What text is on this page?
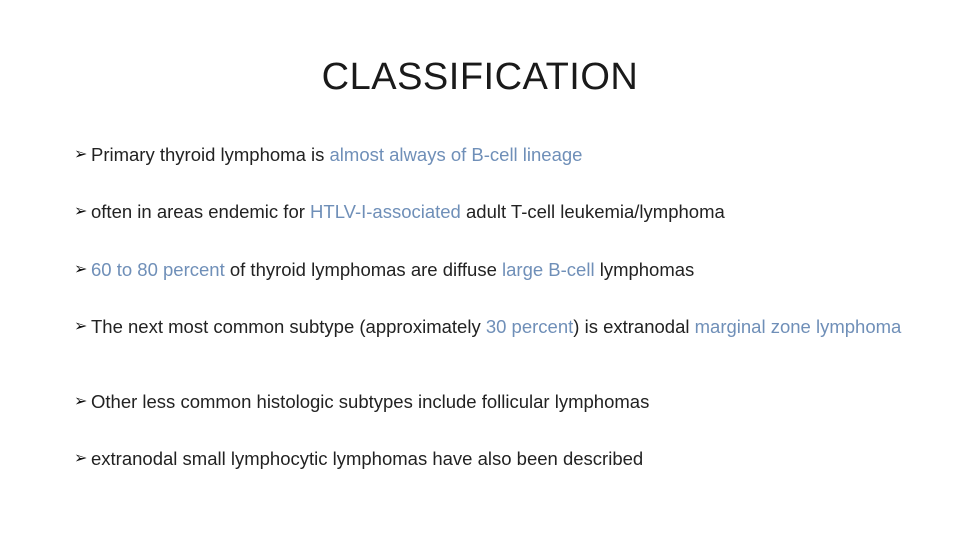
CLASSIFICATION
➢ Primary thyroid lymphoma is almost always of B-cell lineage
➢ often in areas endemic for HTLV-I-associated adult T-cell leukemia/lymphoma
➢ 60 to 80 percent of thyroid lymphomas are diffuse large B-cell lymphomas
➢ The next most common subtype (approximately 30 percent) is extranodal marginal zone lymphoma
➢ Other less common histologic subtypes include follicular lymphomas
➢ extranodal small lymphocytic lymphomas have also been described
